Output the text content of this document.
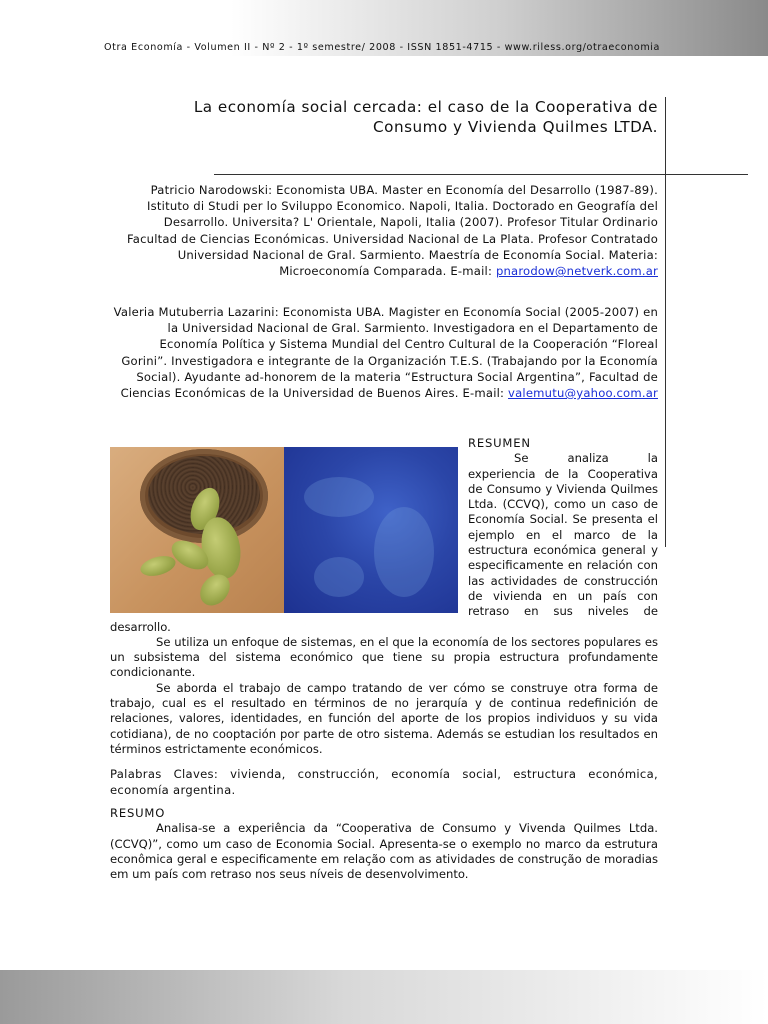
Otra Economía - Volumen II - Nº 2 - 1º semestre/ 2008 - ISSN 1851-4715 - www.riless.org/otraeconomia
La economía social cercada: el caso de la Cooperativa de
Consumo y Vivienda Quilmes LTDA.
Patricio Narodowski: Economista UBA. Master en Economía del Desarrollo (1987-89). Istituto di Studi per lo Sviluppo Economico. Napoli, Italia. Doctorado en Geografía del Desarrollo. Universita? L' Orientale, Napoli, Italia (2007). Profesor Titular Ordinario Facultad de Ciencias Económicas. Universidad Nacional de La Plata. Profesor Contratado Universidad Nacional de Gral. Sarmiento. Maestría de Economía Social. Materia: Microeconomía Comparada. E-mail: pnarodow@netverk.com.ar
Valeria Mutuberria Lazarini: Economista UBA. Magister en Economía Social (2005-2007) en la Universidad Nacional de Gral. Sarmiento. Investigadora en el Departamento de Economía Política y Sistema Mundial del Centro Cultural de la Cooperación “Floreal Gorini”. Investigadora e integrante de la Organización T.E.S. (Trabajando por la Economía Social). Ayudante ad-honorem de la materia “Estructura Social Argentina”, Facultad de Ciencias Económicas de la Universidad de Buenos Aires. E-mail: valemutu@yahoo.com.ar

RESUMEN
Se analiza la experiencia de la Cooperativa de Consumo y Vivienda Quilmes Ltda. (CCVQ), como un caso de Economía Social. Se presenta el ejemplo en el marco de la estructura económica general y especificamente en relación con las actividades de construcción de vivienda en un país con retraso en sus niveles de desarrollo.

Se utiliza un enfoque de sistemas, en el que la economía de los sectores populares es un subsistema del sistema económico que tiene su propia estructura profundamente condicionante.

Se aborda el trabajo de campo tratando de ver cómo se construye otra forma de trabajo, cual es el resultado en términos de no jerarquía y de continua redefinición de relaciones, valores, identidades, en función del aporte de los propios individuos y su vida cotidiana), de no cooptación por parte de otro sistema. Además se estudian los resultados en términos estrictamente económicos.

Palabras Claves: vivienda, construcción, economía social, estructura económica, economía argentina.

RESUMO

Analisa-se a experiência da “Cooperativa de Consumo y Vivenda Quilmes Ltda. (CCVQ)”, como um caso de Economia Social. Apresenta-se o exemplo no marco da estrutura econômica geral e especificamente em relação com as atividades de construção de moradias em um país com retraso nos seus níveis de desenvolvimento.
